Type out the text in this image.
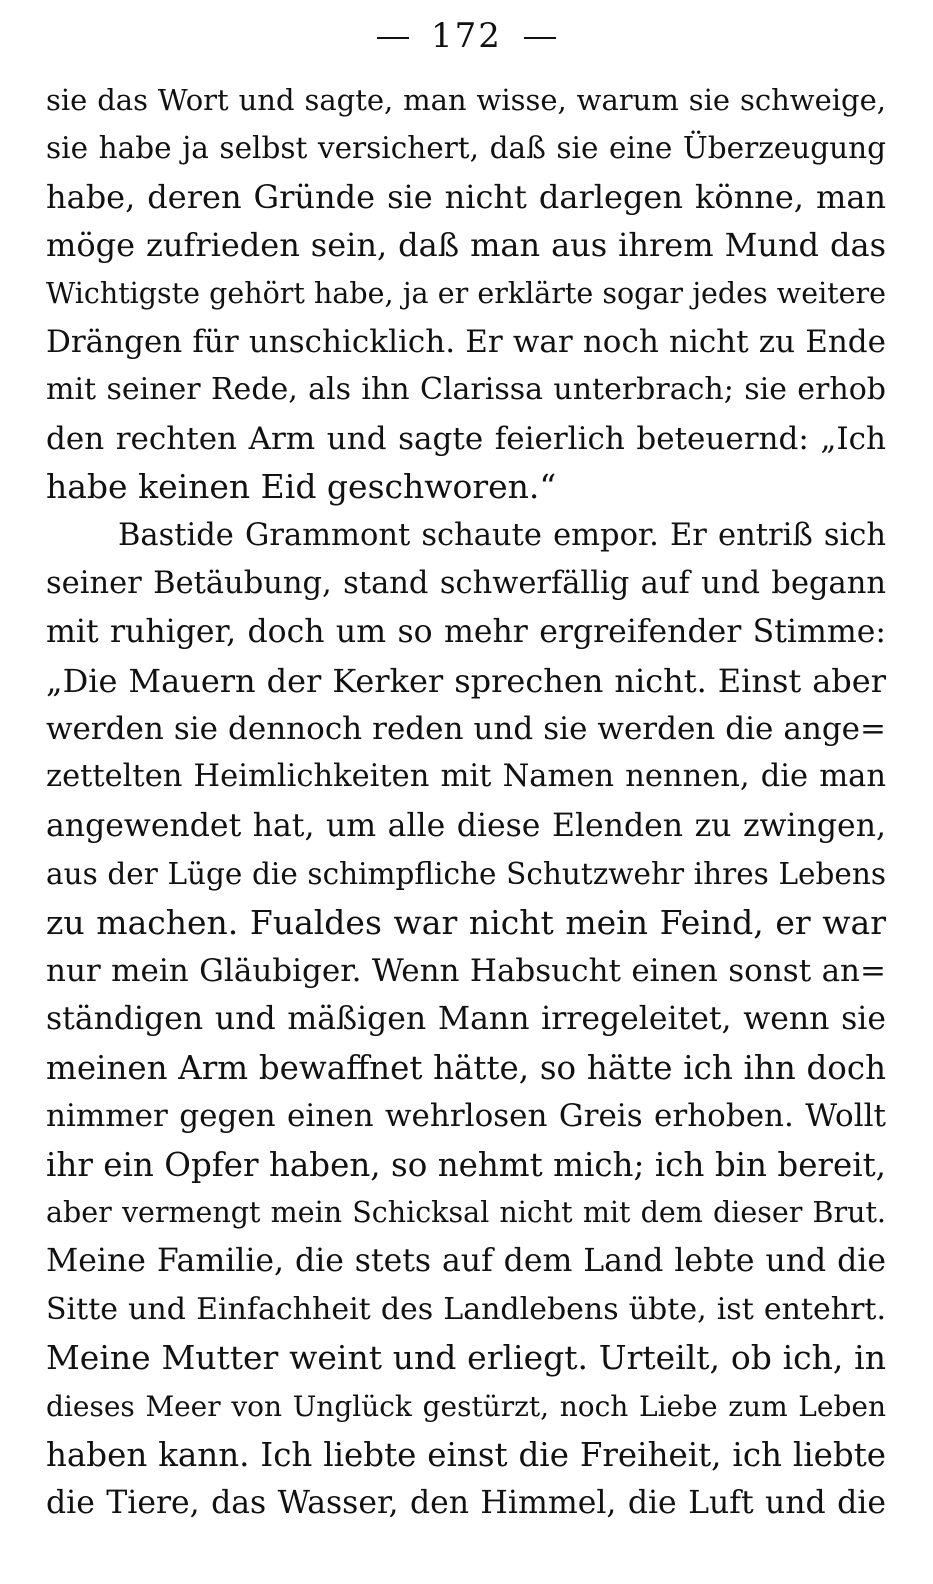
172
sie das Wort und sagte, man wisse, warum sie schweige,
sie habe ja selbst versichert, daß sie eine Überzeugung
habe, deren Gründe sie nicht darlegen könne, man
möge zufrieden sein, daß man aus ihrem Mund das
Wichtigste gehört habe, ja er erklärte sogar jedes weitere
Drängen für unschicklich. Er war noch nicht zu Ende
mit seiner Rede, als ihn Clarissa unterbrach; sie erhob
den rechten Arm und sagte feierlich beteuernd: „Ich
habe keinen Eid geschworen.“
Bastide Grammont schaute empor. Er entriß sich
seiner Betäubung, stand schwerfällig auf und begann
mit ruhiger, doch um so mehr ergreifender Stimme:
„Die Mauern der Kerker sprechen nicht. Einst aber
werden sie dennoch reden und sie werden die ange=
zettelten Heimlichkeiten mit Namen nennen, die man
angewendet hat, um alle diese Elenden zu zwingen,
aus der Lüge die schimpfliche Schutzwehr ihres Lebens
zu machen. Fualdes war nicht mein Feind, er war
nur mein Gläubiger. Wenn Habsucht einen sonst an=
ständigen und mäßigen Mann irregeleitet, wenn sie
meinen Arm bewaffnet hätte, so hätte ich ihn doch
nimmer gegen einen wehrlosen Greis erhoben. Wollt
ihr ein Opfer haben, so nehmt mich; ich bin bereit,
aber vermengt mein Schicksal nicht mit dem dieser Brut.
Meine Familie, die stets auf dem Land lebte und die
Sitte und Einfachheit des Landlebens übte, ist entehrt.
Meine Mutter weint und erliegt. Urteilt, ob ich, in
dieses Meer von Unglück gestürzt, noch Liebe zum Leben
haben kann. Ich liebte einst die Freiheit, ich liebte
die Tiere, das Wasser, den Himmel, die Luft und die
